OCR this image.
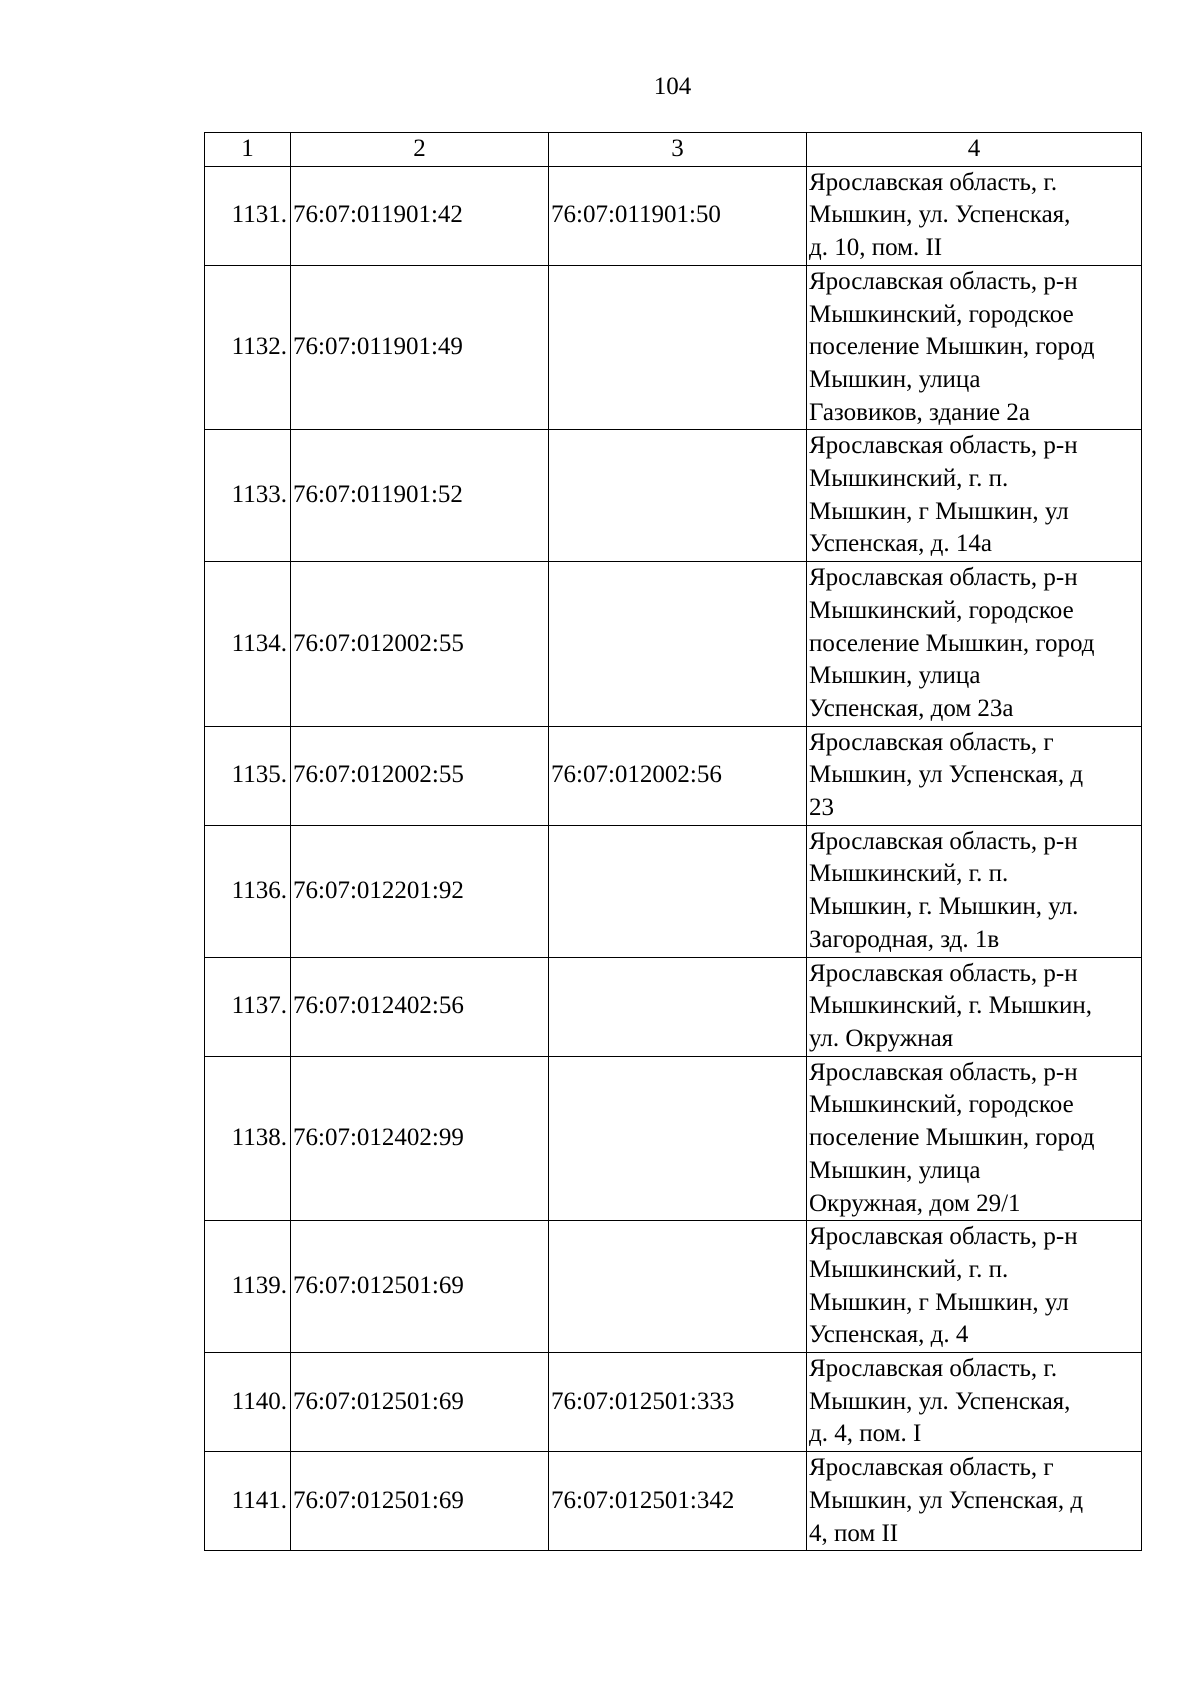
104
1	2	3	4
1131.	76:07:011901:42	76:07:011901:50	Ярославская область, г.
Мышкин, ул. Успенская,
д. 10, пом. II
1132.	76:07:011901:49		Ярославская область, р-н
Мышкинский, городское
поселение Мышкин, город
Мышкин, улица
Газовиков, здание 2а
1133.	76:07:011901:52		Ярославская область, р-н
Мышкинский, г. п.
Мышкин, г Мышкин, ул
Успенская, д. 14а
1134.	76:07:012002:55		Ярославская область, р-н
Мышкинский, городское
поселение Мышкин, город
Мышкин, улица
Успенская, дом 23а
1135.	76:07:012002:55	76:07:012002:56	Ярославская область, г
Мышкин, ул Успенская, д
23
1136.	76:07:012201:92		Ярославская область, р-н
Мышкинский, г. п.
Мышкин, г. Мышкин, ул.
Загородная, зд. 1в
1137.	76:07:012402:56		Ярославская область, р-н
Мышкинский, г. Мышкин,
ул. Окружная
1138.	76:07:012402:99		Ярославская область, р-н
Мышкинский, городское
поселение Мышкин, город
Мышкин, улица
Окружная, дом 29/1
1139.	76:07:012501:69		Ярославская область, р-н
Мышкинский, г. п.
Мышкин, г Мышкин, ул
Успенская, д. 4
1140.	76:07:012501:69	76:07:012501:333	Ярославская область, г.
Мышкин, ул. Успенская,
д. 4, пом. I
1141.	76:07:012501:69	76:07:012501:342	Ярославская область, г
Мышкин, ул Успенская, д
4, пом II
